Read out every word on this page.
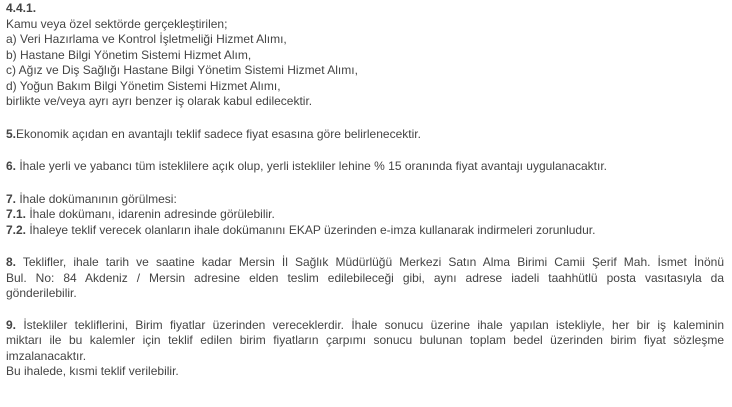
4.4.1.
Kamu veya özel sektörde gerçekleştirilen;
a) Veri Hazırlama ve Kontrol İşletmeliği Hizmet Alımı,
b) Hastane Bilgi Yönetim Sistemi Hizmet Alım,
c) Ağız ve Diş Sağlığı Hastane Bilgi Yönetim Sistemi Hizmet Alımı,
d) Yoğun Bakım Bilgi Yönetim Sistemi Hizmet Alımı,
birlikte ve/veya ayrı ayrı benzer iş olarak kabul edilecektir.
5.Ekonomik açıdan en avantajlı teklif sadece fiyat esasına göre belirlenecektir.
6. İhale yerli ve yabancı tüm isteklilere açık olup, yerli istekliler lehine % 15 oranında fiyat avantajı uygulanacaktır.
7. İhale dokümanının görülmesi:
7.1. İhale dokümanı, idarenin adresinde görülebilir.
7.2. İhaleye teklif verecek olanların ihale dokümanını EKAP üzerinden e-imza kullanarak indirmeleri zorunludur.
8. Teklifler, ihale tarih ve saatine kadar Mersin İl Sağlık Müdürlüğü Merkezi Satın Alma Birimi Camii Şerif Mah. İsmet İnönü
Bul. No: 84 Akdeniz / Mersin adresine elden teslim edilebileceği gibi, aynı adrese iadeli taahhütlü posta vasıtasıyla da
gönderilebilir.
9. İstekliler tekliflerini, Birim fiyatlar üzerinden vereceklerdir. İhale sonucu üzerine ihale yapılan istekliyle, her bir iş kaleminin
miktarı ile bu kalemler için teklif edilen birim fiyatların çarpımı sonucu bulunan toplam bedel üzerinden birim fiyat sözleşme
imzalanacaktır.
Bu ihalede, kısmi teklif verilebilir.
